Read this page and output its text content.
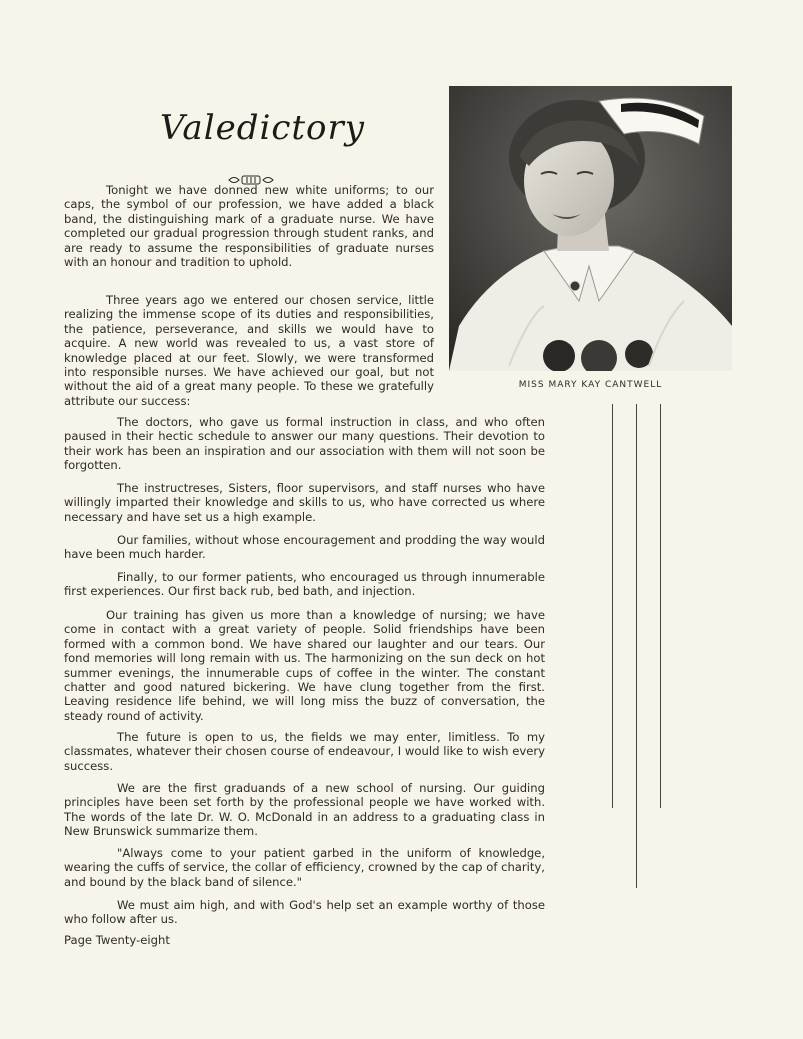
Valedictory
MISS MARY KAY CANTWELL

Tonight we have donned new white uniforms; to our caps, the symbol of our profession, we have added a black band, the distinguishing mark of a graduate nurse. We have completed our gradual progression through student ranks, and are ready to assume the responsibilities of graduate nurses with an honour and tradition to uphold.

Three years ago we entered our chosen service, little realizing the immense scope of its duties and responsibilities, the patience, perseverance, and skills we would have to acquire. A new world was revealed to us, a vast store of knowledge placed at our feet. Slowly, we were transformed into responsible nurses. We have achieved our goal, but not without the aid of a great many people. To these we gratefully attribute our success:

The doctors, who gave us formal instruction in class, and who often paused in their hectic schedule to answer our many questions. Their devotion to their work has been an inspiration and our association with them will not soon be forgotten.

The instructreses, Sisters, floor supervisors, and staff nurses who have willingly imparted their knowledge and skills to us, who have corrected us where necessary and have set us a high example.

Our families, without whose encouragement and prodding the way would have been much harder.

Finally, to our former patients, who encouraged us through innumerable first experiences. Our first back rub, bed bath, and injection.

Our training has given us more than a knowledge of nursing; we have come in contact with a great variety of people. Solid friendships have been formed with a common bond. We have shared our laughter and our tears. Our fond memories will long remain with us. The harmonizing on the sun deck on hot summer evenings, the innumerable cups of coffee in the winter. The constant chatter and good natured bickering. We have clung together from the first. Leaving residence life behind, we will long miss the buzz of conversation, the steady round of activity.

The future is open to us, the fields we may enter, limitless. To my classmates, whatever their chosen course of endeavour, I would like to wish every success.

We are the first graduands of a new school of nursing. Our guiding principles have been set forth by the professional people we have worked with. The words of the late Dr. W. O. McDonald in an address to a graduating class in New Brunswick summarize them.

"Always come to your patient garbed in the uniform of knowledge, wearing the cuffs of service, the collar of efficiency, crowned by the cap of charity, and bound by the black band of silence."

We must aim high, and with God's help set an example worthy of those who follow after us.

Page Twenty-eight
